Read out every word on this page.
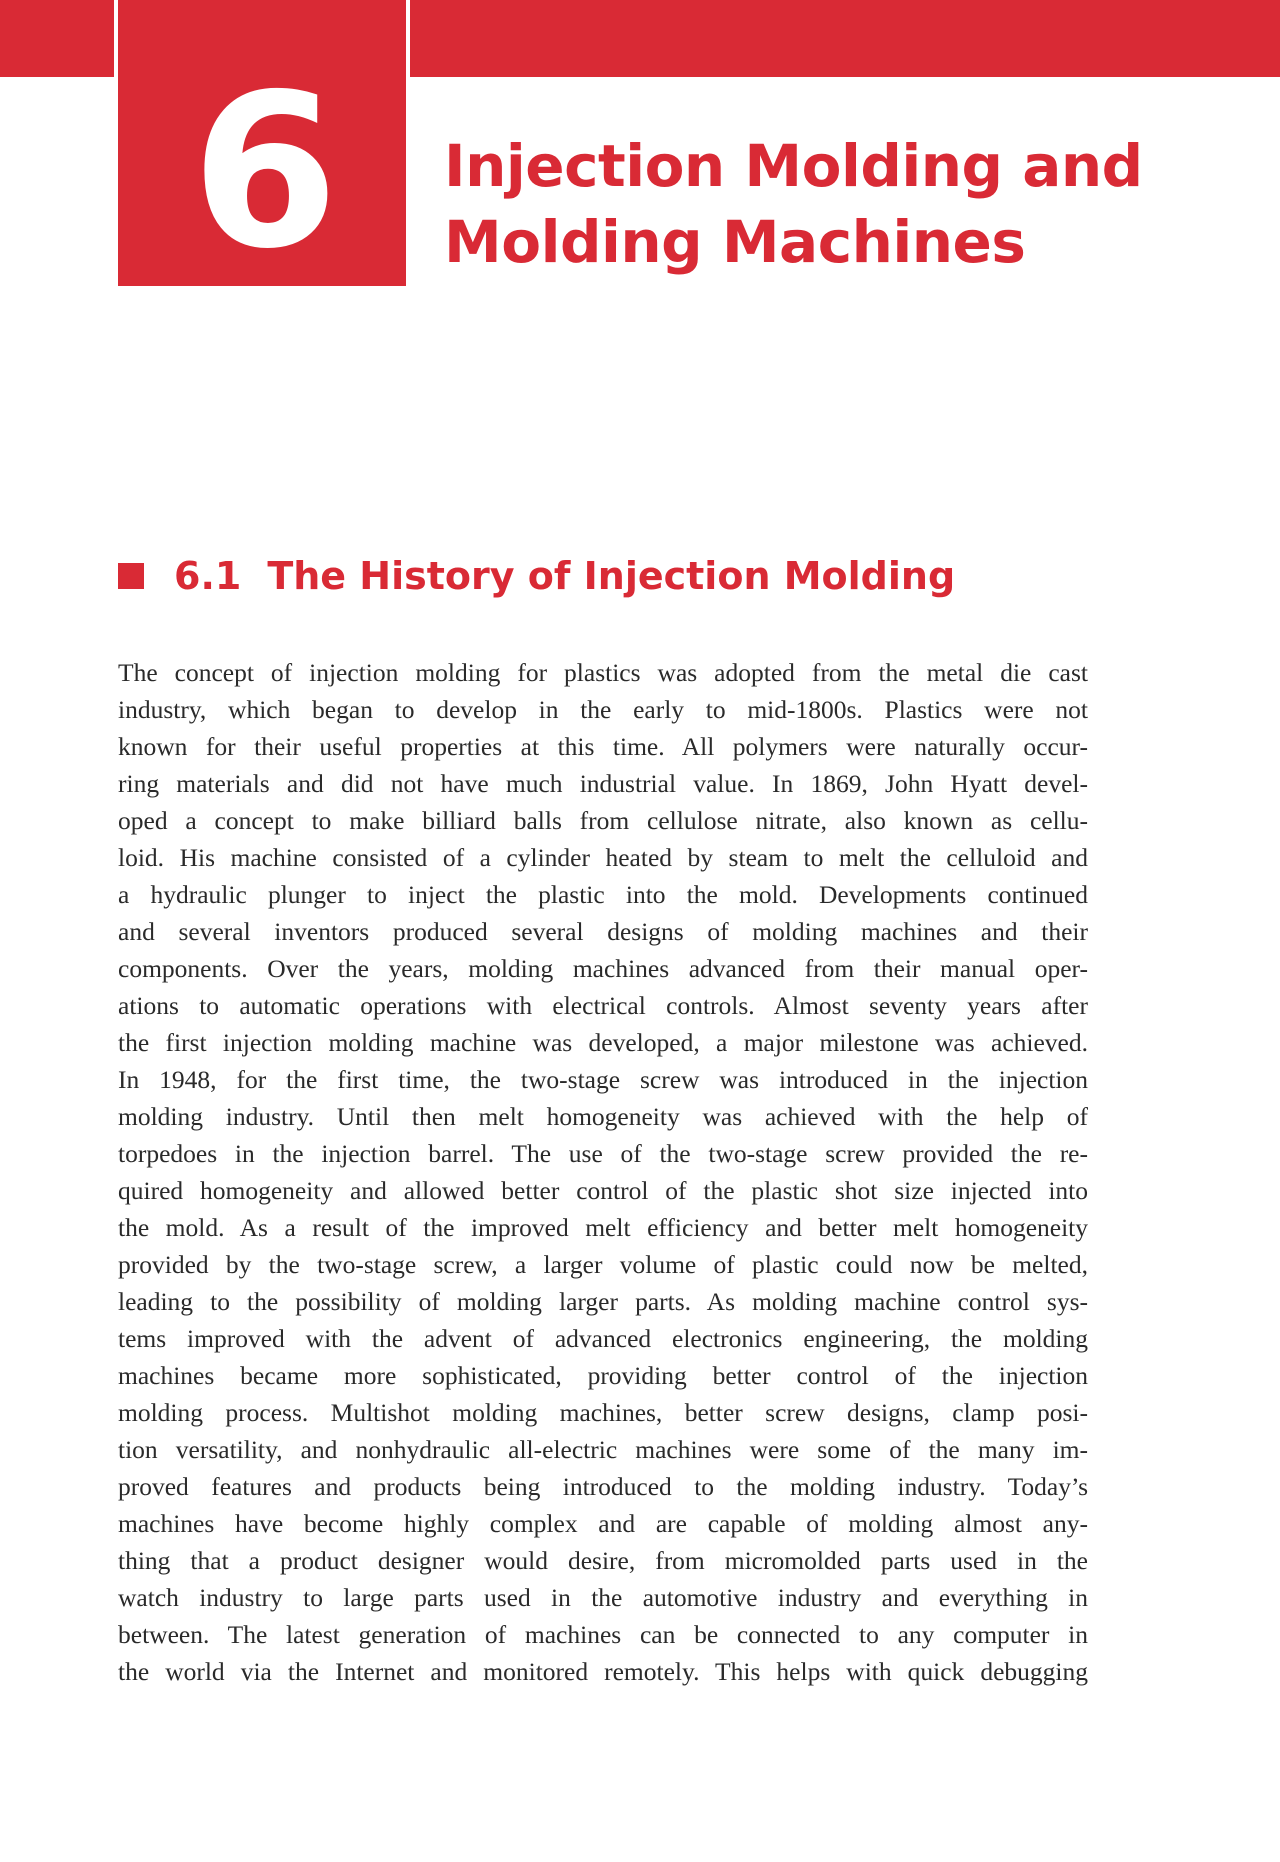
6 Injection Molding and
Molding Machines
6.1 The History of Injection Molding
The concept of injection molding for plastics was adopted from the metal die cast
industry, which began to develop in the early to mid-1800s. Plastics were not
known for their useful properties at this time. All polymers were naturally occur-
ring materials and did not have much industrial value. In 1869, John Hyatt devel-
oped a concept to make billiard balls from cellulose nitrate, also known as cellu-
loid. His machine consisted of a cylinder heated by steam to melt the celluloid and
a hydraulic plunger to inject the plastic into the mold. Developments continued
and several inventors produced several designs of molding machines and their
components. Over the years, molding machines advanced from their manual oper-
ations to automatic operations with electrical controls. Almost seventy years after
the first injection molding machine was developed, a major milestone was achieved.
In 1948, for the first time, the two-stage screw was introduced in the injection
molding industry. Until then melt homogeneity was achieved with the help of
torpedoes in the injection barrel. The use of the two-stage screw provided the re-
quired homogeneity and allowed better control of the plastic shot size injected into
the mold. As a result of the improved melt efficiency and better melt homogeneity
provided by the two-stage screw, a larger volume of plastic could now be melted,
leading to the possibility of molding larger parts. As molding machine control sys-
tems improved with the advent of advanced electronics engineering, the molding
machines became more sophisticated, providing better control of the injection
molding process. Multishot molding machines, better screw designs, clamp posi-
tion versatility, and nonhydraulic all-electric machines were some of the many im-
proved features and products being introduced to the molding industry. Today’s
machines have become highly complex and are capable of molding almost any-
thing that a product designer would desire, from micromolded parts used in the
watch industry to large parts used in the automotive industry and everything in
between. The latest generation of machines can be connected to any computer in
the world via the Internet and monitored remotely. This helps with quick debugging
